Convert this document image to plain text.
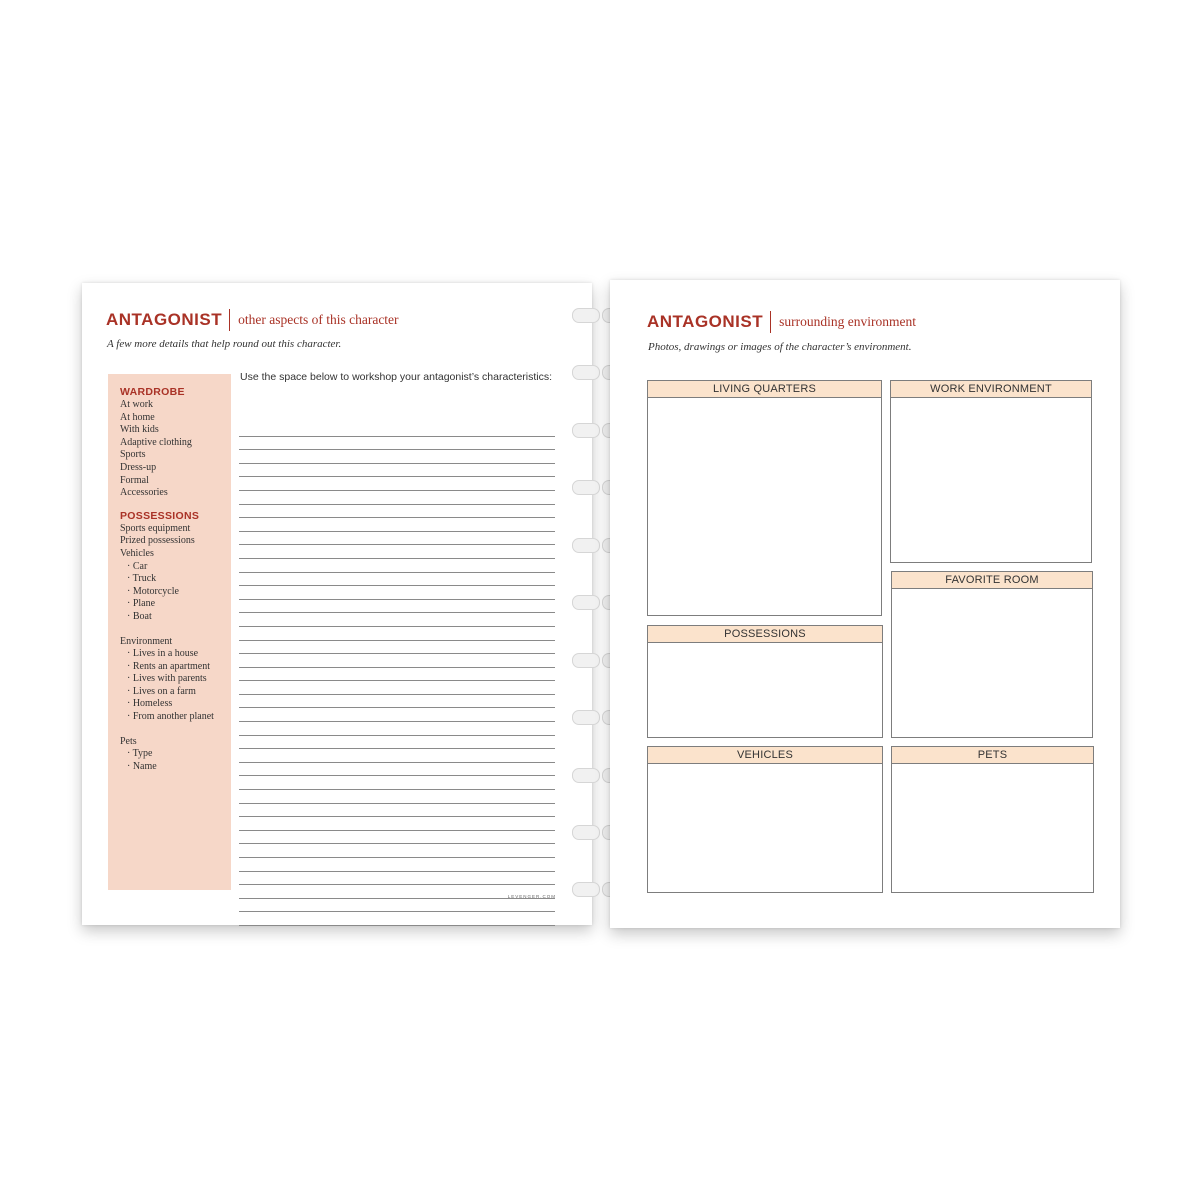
ANTAGONIST	other aspects of this character
A few more details that help round out this character.
WARDROBE
At work
At home
With kids
Adaptive clothing
Sports
Dress-up
Formal
Accessories
POSSESSIONS
Sports equipment
Prized possessions
Vehicles
· Car
· Truck
· Motorcycle
· Plane
· Boat
Environment
· Lives in a house
· Rents an apartment
· Lives with parents
· Lives on a farm
· Homeless
· From another planet
Pets
· Type
· Name
Use the space below to workshop your antagonist’s characteristics:
LEVENGER.COM
ANTAGONIST	surrounding environment
Photos, drawings or images of the character’s environment.
LIVING QUARTERS	WORK ENVIRONMENT
FAVORITE ROOM
POSSESSIONS
VEHICLES	PETS
